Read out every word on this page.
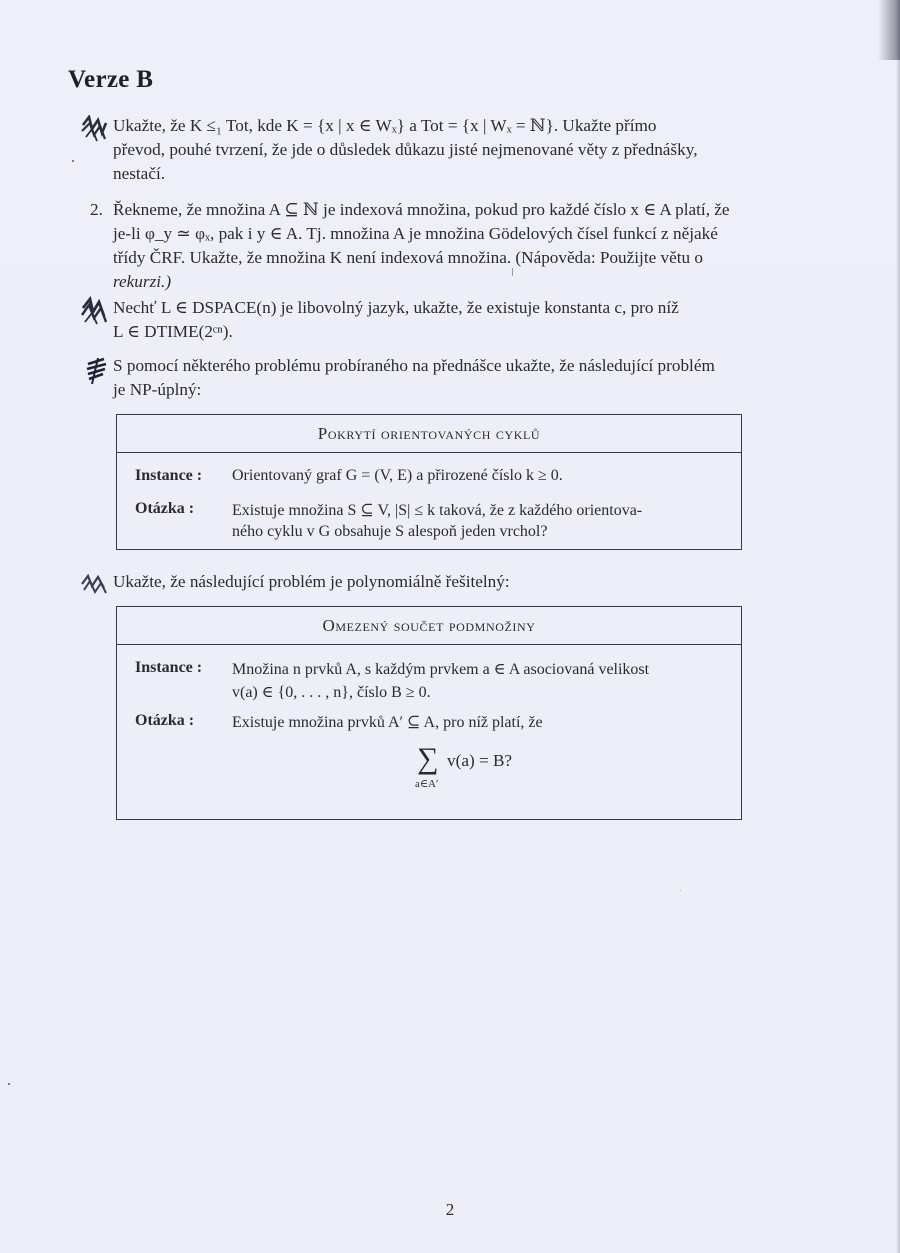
Verze B

Ukažte, že K ≤₁ Tot, kde K = {x | x ∈ Wₓ} a Tot = {x | Wₓ = ℕ}. Ukažte přímo

převod, pouhé tvrzení, že jde o důsledek důkazu jisté nejmenované věty z přednášky,

nestačí.

2. Řekneme, že množina A ⊆ ℕ je indexová množina, pokud pro každé číslo x ∈ A platí, že

je-li φ_y ≃ φₓ, pak i y ∈ A. Tj. množina A je množina Gödelových čísel funkcí z nějaké

třídy ČRF. Ukažte, že množina K není indexová množina. (Nápověda: Použijte větu o

rekurzi.)

Nechť L ∈ DSPACE(n) je libovolný jazyk, ukažte, že existuje konstanta c, pro níž

L ∈ DTIME(2ᶜⁿ).

S pomocí některého problému probíraného na přednášce ukažte, že následující problém

je NP-úplný:

Pokrytí orientovaných cyklů
Instance : Orientovaný graf G = (V, E) a přirozené číslo k ≥ 0.
Otázka : Existuje množina S ⊆ V, |S| ≤ k taková, že z každého orientova-
ného cyklu v G obsahuje S alespoň jeden vrchol?

Ukažte, že následující problém je polynomiálně řešitelný:

Omezený součet podmnožiny
Instance : Množina n prvků A, s každým prvkem a ∈ A asociovaná velikost
v(a) ∈ {0, . . . , n}, číslo B ≥ 0.
Otázka : Existuje množina prvků A′ ⊆ A, pro níž platí, že
∑ v(a) = B?
a∈A′
2
